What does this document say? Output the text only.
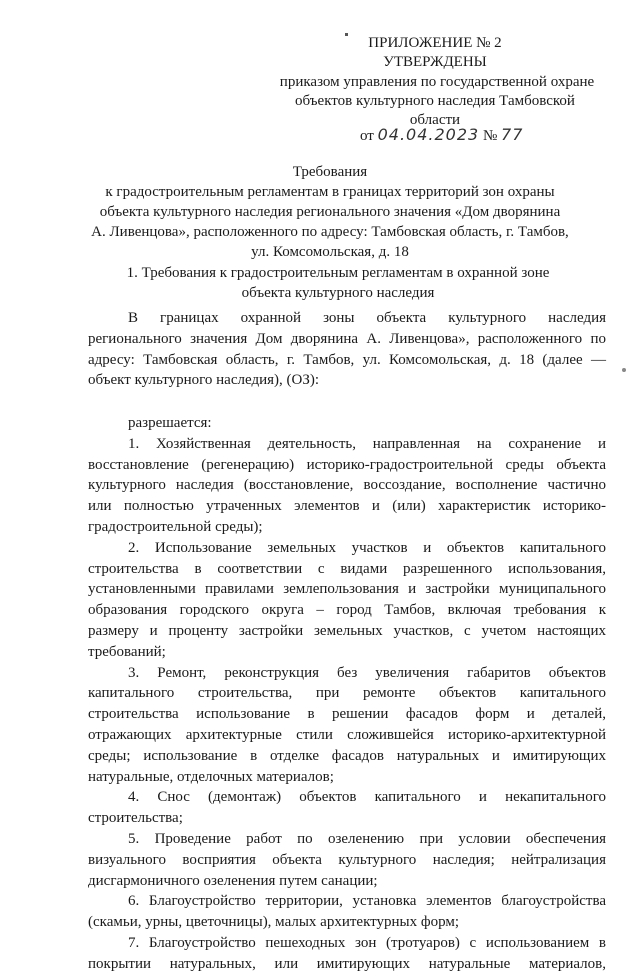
ПРИЛОЖЕНИЕ № 2
УТВЕРЖДЕНЫ
приказом управления по государственной охране
объектов культурного наследия Тамбовской
области
от 04.04.2023 № 77
Требования
к градостроительным регламентам в границах территорий зон охраны
объекта культурного наследия регионального значения «Дом дворянина
А. Ливенцова», расположенного по адресу: Тамбовская область, г. Тамбов,
ул. Комсомольская, д. 18
1. Требования к градостроительным регламентам в охранной зоне
объекта культурного наследия
В границах охранной зоны объекта культурного наследия
регионального значения Дом дворянина А. Ливенцова», расположенного по
адресу: Тамбовская область, г. Тамбов, ул. Комсомольская, д. 18 (далее —
объект культурного наследия), (ОЗ):
разрешается:
1. Хозяйственная деятельность, направленная на сохранение и
восстановление (регенерацию) историко-градостроительной среды объекта
культурного наследия (восстановление, воссоздание, восполнение частично
или полностью утраченных элементов и (или) характеристик историко-
градостроительной среды);
2. Использование земельных участков и объектов капитального
строительства в соответствии с видами разрешенного использования,
установленными правилами землепользования и застройки муниципального
образования городского округа – город Тамбов, включая требования к
размеру и проценту застройки земельных участков, с учетом настоящих
требований;
3. Ремонт, реконструкция без увеличения габаритов объектов
капитального строительства, при ремонте объектов капитального
строительства использование в решении фасадов форм и деталей,
отражающих архитектурные стили сложившейся историко-архитектурной
среды; использование в отделке фасадов натуральных и имитирующих
натуральные, отделочных материалов;
4. Снос (демонтаж) объектов капитального и некапитального
строительства;
5. Проведение работ по озеленению при условии обеспечения
визуального восприятия объекта культурного наследия; нейтрализация
дисгармоничного озеленения путем санации;
6. Благоустройство территории, установка элементов благоустройства
(скамьи, урны, цветочницы), малых архитектурных форм;
7. Благоустройство пешеходных зон (тротуаров) с использованием в
покрытии натуральных, или имитирующих натуральные материалов,
